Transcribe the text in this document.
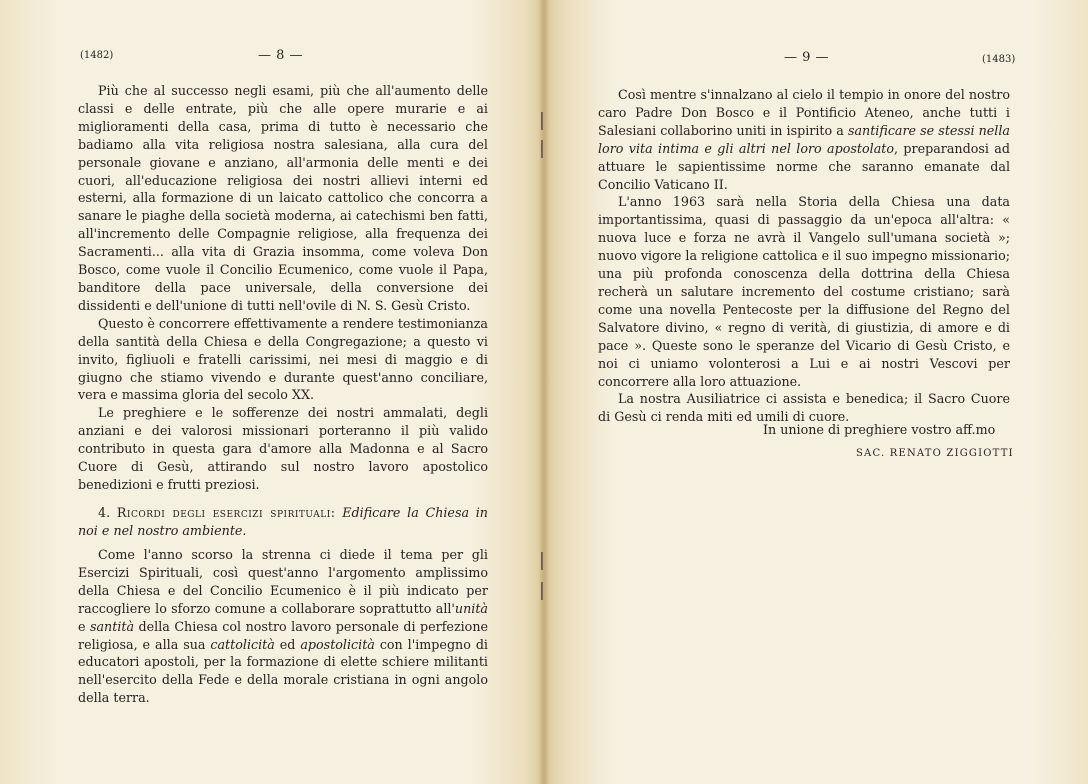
(1482)	— 8 —

Più che al successo negli esami, più che all'aumento delle classi e delle entrate, più che alle opere murarie e ai miglioramenti della casa, prima di tutto è necessario che badiamo alla vita religiosa nostra salesiana, alla cura del personale giovane e anziano, all'armonia delle menti e dei cuori, all'educazione religiosa dei nostri allievi interni ed esterni, alla formazione di un laicato cattolico che concorra a sanare le piaghe della società moderna, ai catechismi ben fatti, all'incremento delle Compagnie religiose, alla frequenza dei Sacramenti... alla vita di Grazia insomma, come voleva Don Bosco, come vuole il Concilio Ecumenico, come vuole il Papa, banditore della pace universale, della conversione dei dissidenti e dell'unione di tutti nell'ovile di N. S. Gesù Cristo.

Questo è concorrere effettivamente a rendere testimonianza della santità della Chiesa e della Congregazione; a questo vi invito, figliuoli e fratelli carissimi, nei mesi di maggio e di giugno che stiamo vivendo e durante quest'anno conciliare, vera e massima gloria del secolo XX.

Le preghiere e le sofferenze dei nostri ammalati, degli anziani e dei valorosi missionari porteranno il più valido contributo in questa gara d'amore alla Madonna e al Sacro Cuore di Gesù, attirando sul nostro lavoro apostolico benedizioni e frutti preziosi.

4. Ricordi degli esercizi spirituali: Edificare la Chiesa in noi e nel nostro ambiente.

Come l'anno scorso la strenna ci diede il tema per gli Esercizi Spirituali, così quest'anno l'argomento amplissimo della Chiesa e del Concilio Ecumenico è il più indicato per raccogliere lo sforzo comune a collaborare soprattutto all'unità e santità della Chiesa col nostro lavoro personale di perfezione religiosa, e alla sua cattolicità ed apostolicità con l'impegno di educatori apostoli, per la formazione di elette schiere militanti nell'esercito della Fede e della morale cristiana in ogni angolo della terra.

— 9 —	(1483)

Così mentre s'innalzano al cielo il tempio in onore del nostro caro Padre Don Bosco e il Pontificio Ateneo, anche tutti i Salesiani collaborino uniti in ispirito a santificare se stessi nella loro vita intima e gli altri nel loro apostolato, preparandosi ad attuare le sapientissime norme che saranno emanate dal Concilio Vaticano II.

L'anno 1963 sarà nella Storia della Chiesa una data importantissima, quasi di passaggio da un'epoca all'altra: « nuova luce e forza ne avrà il Vangelo sull'umana società »; nuovo vigore la religione cattolica e il suo impegno missionario; una più profonda conoscenza della dottrina della Chiesa recherà un salutare incremento del costume cristiano; sarà come una novella Pentecoste per la diffusione del Regno del Salvatore divino, « regno di verità, di giustizia, di amore e di pace ». Queste sono le speranze del Vicario di Gesù Cristo, e noi ci uniamo volonterosi a Lui e ai nostri Vescovi per concorrere alla loro attuazione.

La nostra Ausiliatrice ci assista e benedica; il Sacro Cuore di Gesù ci renda miti ed umili di cuore.

In unione di preghiere vostro aff.mo
SAC. RENATO ZIGGIOTTI
